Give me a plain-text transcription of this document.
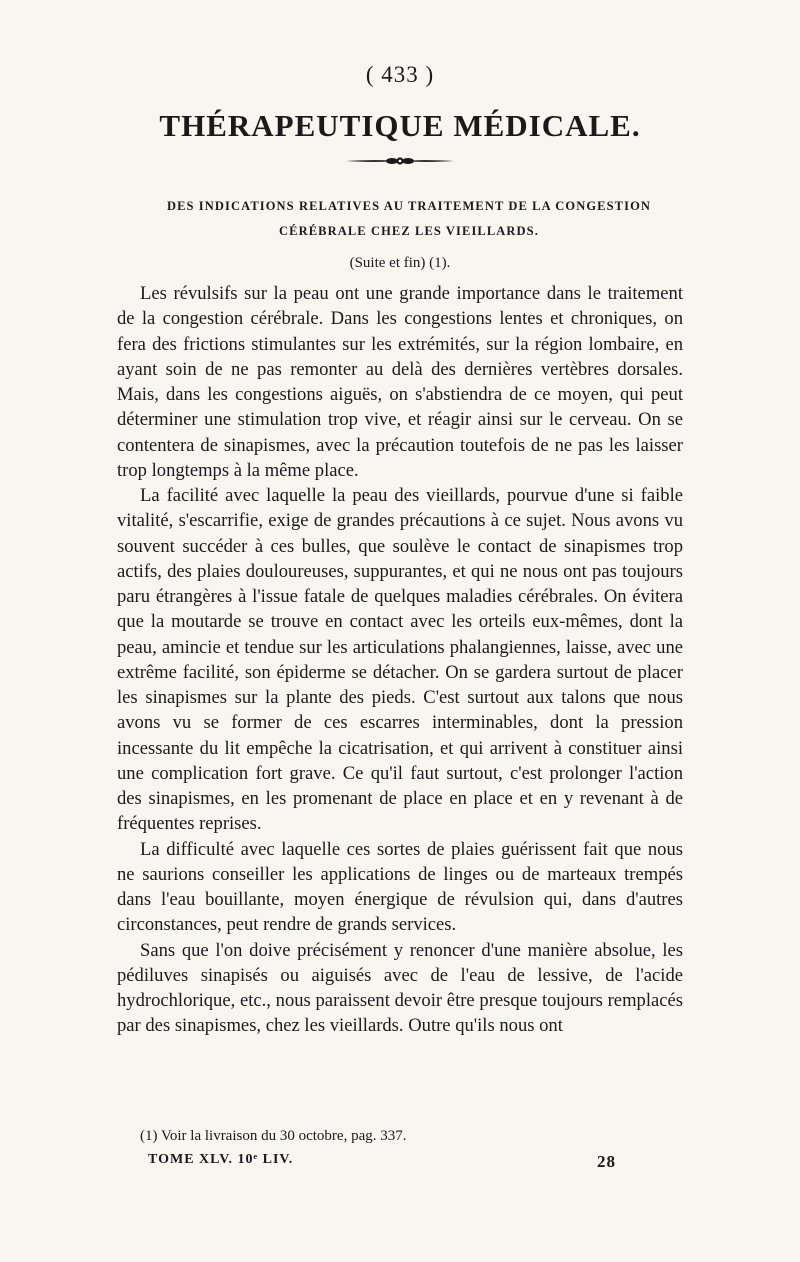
( 433 )
THÉRAPEUTIQUE MÉDICALE.
DES INDICATIONS RELATIVES AU TRAITEMENT DE LA CONGESTION
CÉRÉBRALE CHEZ LES VIEILLARDS.
(Suite et fin) (1).

Les révulsifs sur la peau ont une grande importance dans le traitement de la congestion cérébrale. Dans les congestions lentes et chroniques, on fera des frictions stimulantes sur les extrémités, sur la région lombaire, en ayant soin de ne pas remonter au delà des dernières vertèbres dorsales. Mais, dans les congestions aiguës, on s'abstiendra de ce moyen, qui peut déterminer une stimulation trop vive, et réagir ainsi sur le cerveau. On se contentera de sinapismes, avec la précaution toutefois de ne pas les laisser trop longtemps à la même place.

La facilité avec laquelle la peau des vieillards, pourvue d'une si faible vitalité, s'escarrifie, exige de grandes précautions à ce sujet. Nous avons vu souvent succéder à ces bulles, que soulève le contact de sinapismes trop actifs, des plaies douloureuses, suppurantes, et qui ne nous ont pas toujours paru étrangères à l'issue fatale de quelques maladies cérébrales. On évitera que la moutarde se trouve en contact avec les orteils eux-mêmes, dont la peau, amincie et tendue sur les articulations phalangiennes, laisse, avec une extrême facilité, son épiderme se détacher. On se gardera surtout de placer les sinapismes sur la plante des pieds. C'est surtout aux talons que nous avons vu se former de ces escarres interminables, dont la pression incessante du lit empêche la cicatrisation, et qui arrivent à constituer ainsi une complication fort grave. Ce qu'il faut surtout, c'est prolonger l'action des sinapismes, en les promenant de place en place et en y revenant à de fréquentes reprises.

La difficulté avec laquelle ces sortes de plaies guérissent fait que nous ne saurions conseiller les applications de linges ou de marteaux trempés dans l'eau bouillante, moyen énergique de révulsion qui, dans d'autres circonstances, peut rendre de grands services.

Sans que l'on doive précisément y renoncer d'une manière absolue, les pédiluves sinapisés ou aiguisés avec de l'eau de lessive, de l'acide hydrochlorique, etc., nous paraissent devoir être presque toujours remplacés par des sinapismes, chez les vieillards. Outre qu'ils nous ont

(1) Voir la livraison du 30 octobre, pag. 337.
TOME XLV. 10ᵉ LIV.	28
